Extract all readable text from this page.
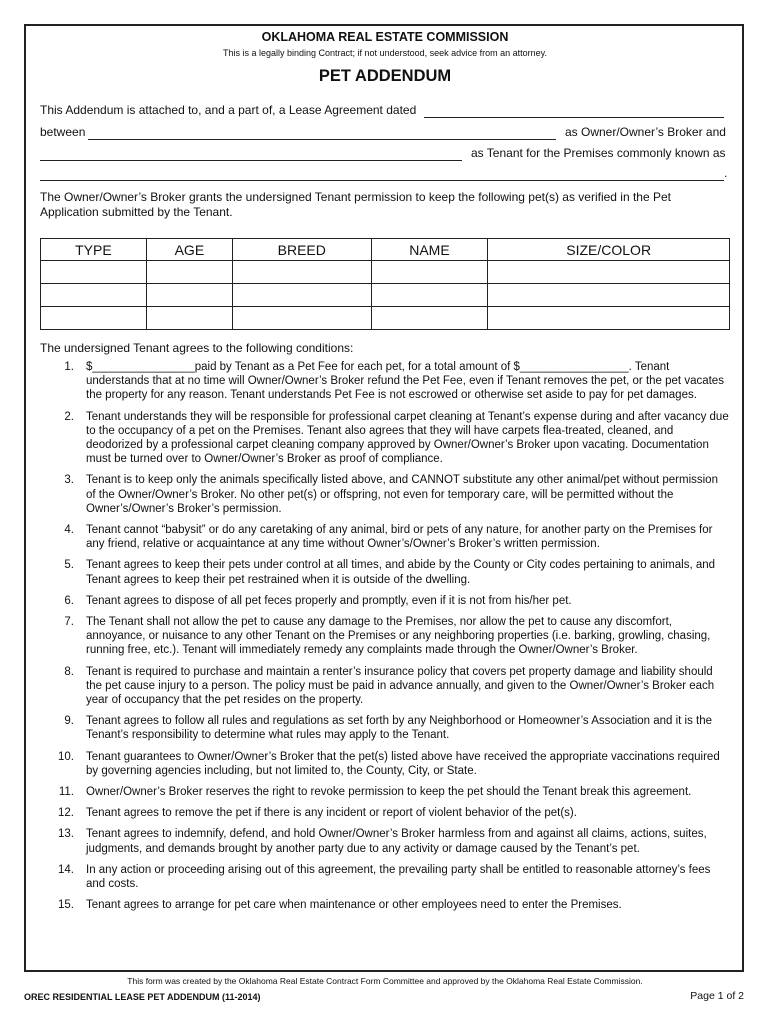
OKLAHOMA REAL ESTATE COMMISSION
This is a legally binding Contract; if not understood, seek advice from an attorney.
PET ADDENDUM
This Addendum is attached to, and a part of, a Lease Agreement dated
between	as Owner/Owner’s Broker and
as Tenant for the Premises commonly known as
.
The Owner/Owner’s Broker grants the undersigned Tenant permission to keep the following pet(s) as verified in the Pet Application submitted by the Tenant.
TYPE	AGE	BREED	NAME	SIZE/COLOR

The undersigned Tenant agrees to the following conditions:
1. $________________paid by Tenant as a Pet Fee for each pet, for a total amount of $_________________. Tenant understands that at no time will Owner/Owner’s Broker refund the Pet Fee, even if Tenant removes the pet, or the pet vacates the property for any reason. Tenant understands Pet Fee is not escrowed or otherwise set aside to pay for pet damages.
2. Tenant understands they will be responsible for professional carpet cleaning at Tenant’s expense during and after vacancy due to the occupancy of a pet on the Premises. Tenant also agrees that they will have carpets flea-treated, cleaned, and deodorized by a professional carpet cleaning company approved by Owner/Owner’s Broker upon vacating. Documentation must be turned over to Owner/Owner’s Broker as proof of compliance.
3. Tenant is to keep only the animals specifically listed above, and CANNOT substitute any other animal/pet without permission of the Owner/Owner’s Broker. No other pet(s) or offspring, not even for temporary care, will be permitted without the Owner’s/Owner’s Broker’s permission.
4. Tenant cannot “babysit” or do any caretaking of any animal, bird or pets of any nature, for another party on the Premises for any friend, relative or acquaintance at any time without Owner’s/Owner’s Broker’s written permission.
5. Tenant agrees to keep their pets under control at all times, and abide by the County or City codes pertaining to animals, and Tenant agrees to keep their pet restrained when it is outside of the dwelling.
6. Tenant agrees to dispose of all pet feces properly and promptly, even if it is not from his/her pet.
7. The Tenant shall not allow the pet to cause any damage to the Premises, nor allow the pet to cause any discomfort, annoyance, or nuisance to any other Tenant on the Premises or any neighboring properties (i.e. barking, growling, chasing, running free, etc.). Tenant will immediately remedy any complaints made through the Owner/Owner’s Broker.
8. Tenant is required to purchase and maintain a renter’s insurance policy that covers pet property damage and liability should the pet cause injury to a person. The policy must be paid in advance annually, and given to the Owner/Owner’s Broker each year of occupancy that the pet resides on the property.
9. Tenant agrees to follow all rules and regulations as set forth by any Neighborhood or Homeowner’s Association and it is the Tenant’s responsibility to determine what rules may apply to the Tenant.
10. Tenant guarantees to Owner/Owner’s Broker that the pet(s) listed above have received the appropriate vaccinations required by governing agencies including, but not limited to, the County, City, or State.
11. Owner/Owner’s Broker reserves the right to revoke permission to keep the pet should the Tenant break this agreement.
12. Tenant agrees to remove the pet if there is any incident or report of violent behavior of the pet(s).
13. Tenant agrees to indemnify, defend, and hold Owner/Owner’s Broker harmless from and against all claims, actions, suites, judgments, and demands brought by another party due to any activity or damage caused by the Tenant’s pet.
14. In any action or proceeding arising out of this agreement, the prevailing party shall be entitled to reasonable attorney’s fees and costs.
15. Tenant agrees to arrange for pet care when maintenance or other employees need to enter the Premises.
This form was created by the Oklahoma Real Estate Contract Form Committee and approved by the Oklahoma Real Estate Commission.
OREC RESIDENTIAL LEASE PET ADDENDUM (11-2014)	Page 1 of 2
